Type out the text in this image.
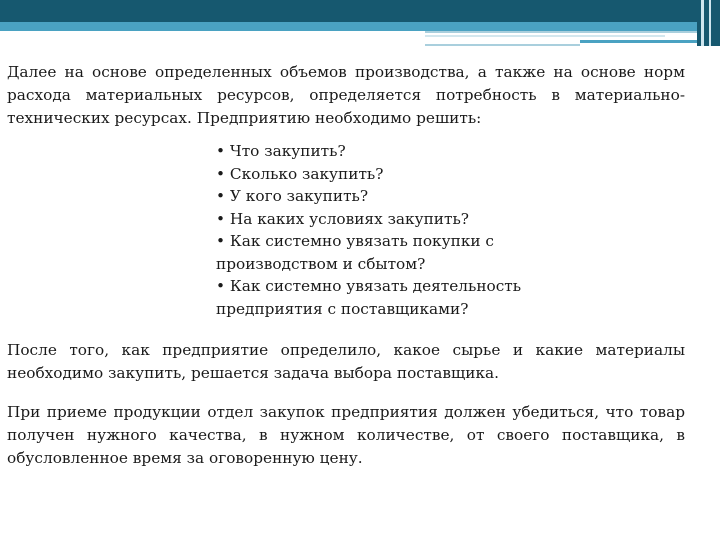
Далее на основе определенных объемов производства, а также на основе норм расхода материальных ресурсов, определяется потребность в материально-технических ресурсах. Предприятию необходимо решить:

• Что закупить?
• Сколько закупить?
• У кого закупить?
• На каких условиях закупить?
• Как системно увязать покупки с производством и сбытом?
• Как системно увязать деятельность предприятия с поставщиками?

После того, как предприятие определило, какое сырье и какие материалы необходимо закупить, решается задача выбора поставщика.

При приеме продукции отдел закупок предприятия должен убедиться, что товар получен нужного качества, в нужном количестве, от своего поставщика, в обусловленное время за оговоренную цену.
